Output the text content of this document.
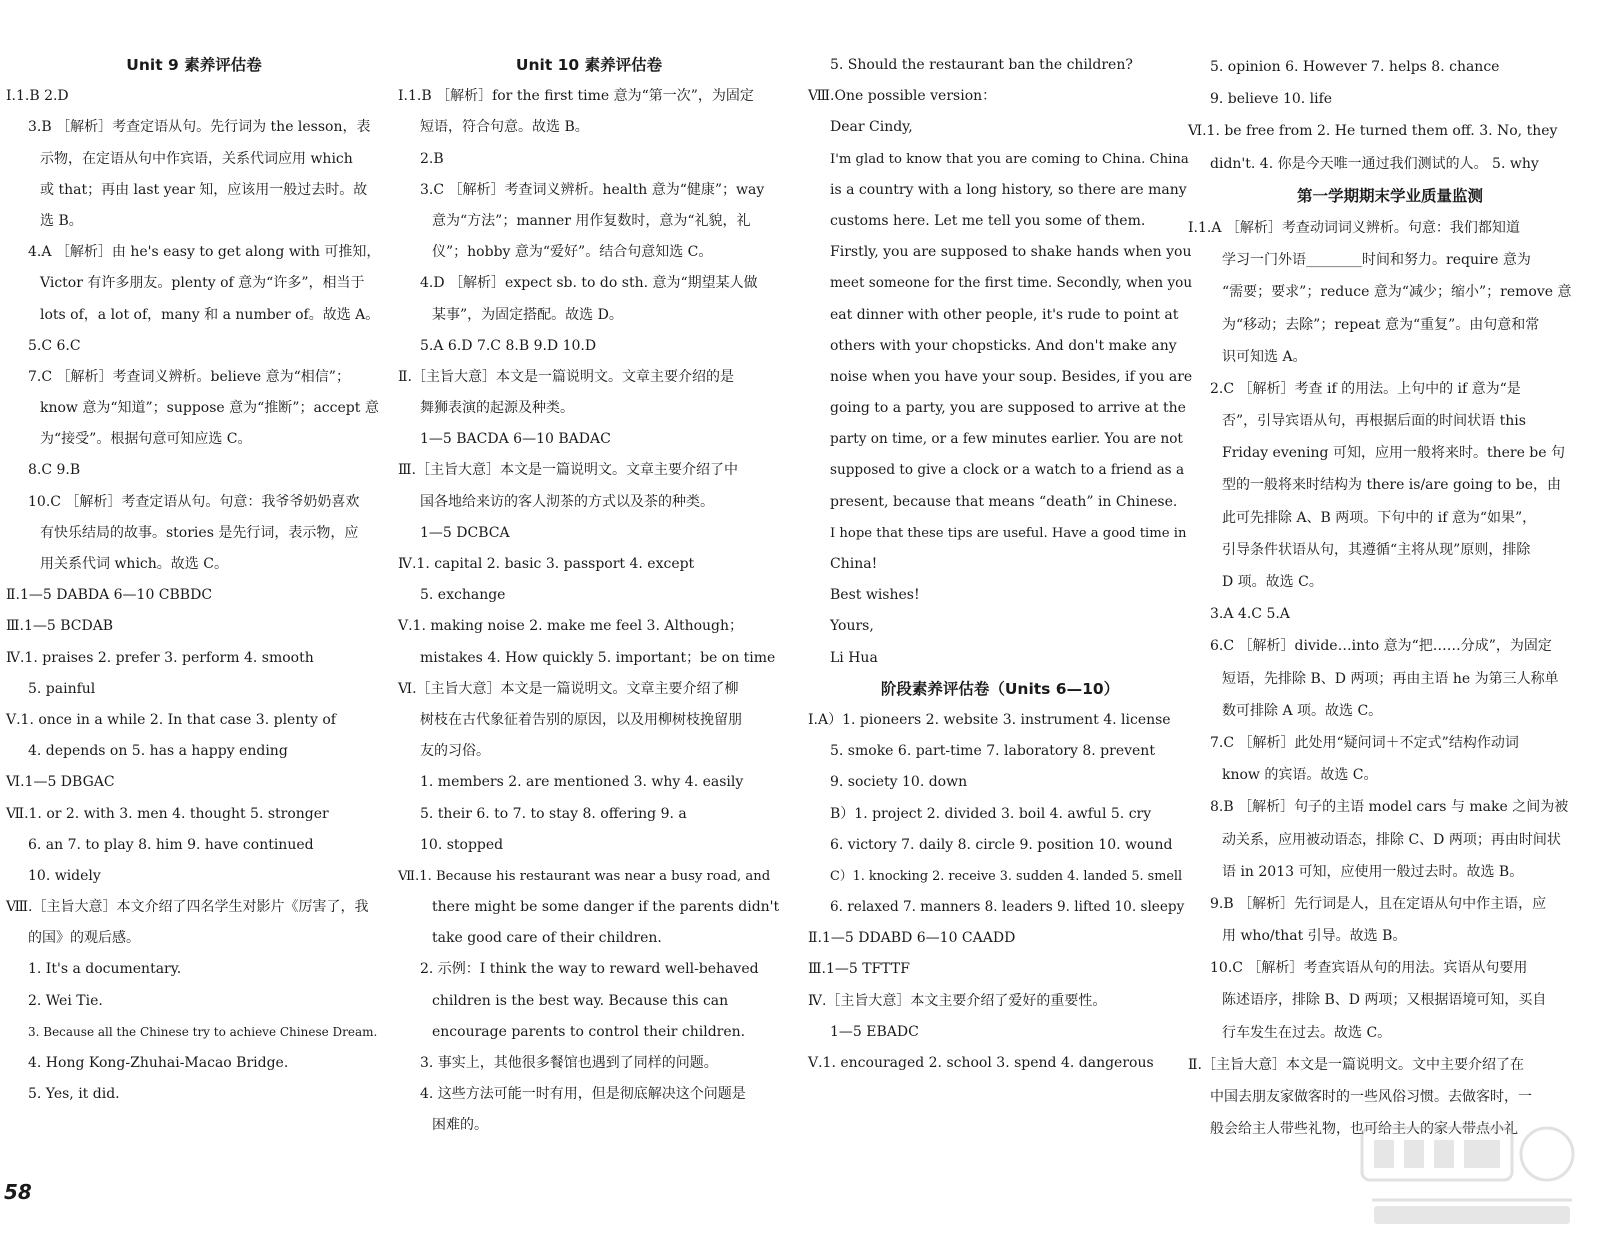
Unit 9 素养评估卷
Ⅰ.1.B 2.D
3.B ［解析］考查定语从句。先行词为 the lesson，表
示物，在定语从句中作宾语，关系代词应用 which
或 that；再由 last year 知，应该用一般过去时。故
选 B。
4.A ［解析］由 he's easy to get along with 可推知，
Victor 有许多朋友。plenty of 意为“许多”，相当于
lots of，a lot of，many 和 a number of。故选 A。
5.C 6.C
7.C ［解析］考查词义辨析。believe 意为“相信”；
know 意为“知道”；suppose 意为“推断”；accept 意
为“接受”。根据句意可知应选 C。
8.C 9.B
10.C ［解析］考查定语从句。句意：我爷爷奶奶喜欢
有快乐结局的故事。stories 是先行词，表示物，应
用关系代词 which。故选 C。
Ⅱ.1—5 DABDA 6—10 CBBDC
Ⅲ.1—5 BCDAB
Ⅳ.1. praises 2. prefer 3. perform 4. smooth
5. painful
Ⅴ.1. once in a while 2. In that case 3. plenty of
4. depends on 5. has a happy ending
Ⅵ.1—5 DBGAC
Ⅶ.1. or 2. with 3. men 4. thought 5. stronger
6. an 7. to play 8. him 9. have continued
10. widely
Ⅷ.［主旨大意］本文介绍了四名学生对影片《厉害了，我
的国》的观后感。
1. It's a documentary.
2. Wei Tie.
3. Because all the Chinese try to achieve Chinese Dream.
4. Hong Kong-Zhuhai-Macao Bridge.
5. Yes, it did.
Unit 10 素养评估卷
Ⅰ.1.B ［解析］for the first time 意为“第一次”，为固定
短语，符合句意。故选 B。
2.B
3.C ［解析］考查词义辨析。health 意为“健康”；way
意为“方法”；manner 用作复数时，意为“礼貌，礼
仪”；hobby 意为“爱好”。结合句意知选 C。
4.D ［解析］expect sb. to do sth. 意为“期望某人做
某事”，为固定搭配。故选 D。
5.A 6.D 7.C 8.B 9.D 10.D
Ⅱ.［主旨大意］本文是一篇说明文。文章主要介绍的是
舞狮表演的起源及种类。
1—5 BACDA 6—10 BADAC
Ⅲ.［主旨大意］本文是一篇说明文。文章主要介绍了中
国各地给来访的客人沏茶的方式以及茶的种类。
1—5 DCBCA
Ⅳ.1. capital 2. basic 3. passport 4. except
5. exchange
Ⅴ.1. making noise 2. make me feel 3. Although；
mistakes 4. How quickly 5. important；be on time
Ⅵ.［主旨大意］本文是一篇说明文。文章主要介绍了柳
树枝在古代象征着告别的原因，以及用柳树枝挽留朋
友的习俗。
1. members 2. are mentioned 3. why 4. easily
5. their 6. to 7. to stay 8. offering 9. a
10. stopped
Ⅶ.1. Because his restaurant was near a busy road, and
there might be some danger if the parents didn't
take good care of their children.
2. 示例：I think the way to reward well-behaved
children is the best way. Because this can
encourage parents to control their children.
3. 事实上，其他很多餐馆也遇到了同样的问题。
4. 这些方法可能一时有用，但是彻底解决这个问题是
困难的。
5. Should the restaurant ban the children?
Ⅷ.One possible version：
Dear Cindy,
I'm glad to know that you are coming to China. China
is a country with a long history, so there are many
customs here. Let me tell you some of them.
Firstly, you are supposed to shake hands when you
meet someone for the first time. Secondly, when you
eat dinner with other people, it's rude to point at
others with your chopsticks. And don't make any
noise when you have your soup. Besides, if you are
going to a party, you are supposed to arrive at the
party on time, or a few minutes earlier. You are not
supposed to give a clock or a watch to a friend as a
present, because that means “death” in Chinese.
I hope that these tips are useful. Have a good time in
China!
Best wishes!
Yours,
Li Hua
阶段素养评估卷（Units 6—10）
Ⅰ.A）1. pioneers 2. website 3. instrument 4. license
5. smoke 6. part-time 7. laboratory 8. prevent
9. society 10. down
B）1. project 2. divided 3. boil 4. awful 5. cry
6. victory 7. daily 8. circle 9. position 10. wound
C）1. knocking 2. receive 3. sudden 4. landed 5. smell
6. relaxed 7. manners 8. leaders 9. lifted 10. sleepy
Ⅱ.1—5 DDABD 6—10 CAADD
Ⅲ.1—5 TFTTF
Ⅳ.［主旨大意］本文主要介绍了爱好的重要性。
1—5 EBADC
Ⅴ.1. encouraged 2. school 3. spend 4. dangerous
5. opinion 6. However 7. helps 8. chance
9. believe 10. life
Ⅵ.1. be free from 2. He turned them off. 3. No, they
didn't. 4. 你是今天唯一通过我们测试的人。 5. why
第一学期期末学业质量监测
Ⅰ.1.A ［解析］考查动词词义辨析。句意：我们都知道
学习一门外语________时间和努力。require 意为
“需要；要求”；reduce 意为“减少；缩小”；remove 意
为“移动；去除”；repeat 意为“重复”。由句意和常
识可知选 A。
2.C ［解析］考查 if 的用法。上句中的 if 意为“是
否”，引导宾语从句，再根据后面的时间状语 this
Friday evening 可知，应用一般将来时。there be 句
型的一般将来时结构为 there is/are going to be，由
此可先排除 A、B 两项。下句中的 if 意为“如果”，
引导条件状语从句，其遵循“主将从现”原则，排除
D 项。故选 C。
3.A 4.C 5.A
6.C ［解析］divide…into 意为“把……分成”，为固定
短语，先排除 B、D 两项；再由主语 he 为第三人称单
数可排除 A 项。故选 C。
7.C ［解析］此处用“疑问词＋不定式”结构作动词
know 的宾语。故选 C。
8.B ［解析］句子的主语 model cars 与 make 之间为被
动关系，应用被动语态，排除 C、D 两项；再由时间状
语 in 2013 可知，应使用一般过去时。故选 B。
9.B ［解析］先行词是人，且在定语从句中作主语，应
用 who/that 引导。故选 B。
10.C ［解析］考查宾语从句的用法。宾语从句要用
陈述语序，排除 B、D 两项；又根据语境可知，买自
行车发生在过去。故选 C。
Ⅱ.［主旨大意］本文是一篇说明文。文中主要介绍了在
中国去朋友家做客时的一些风俗习惯。去做客时，一
般会给主人带些礼物，也可给主人的家人带点小礼
58
